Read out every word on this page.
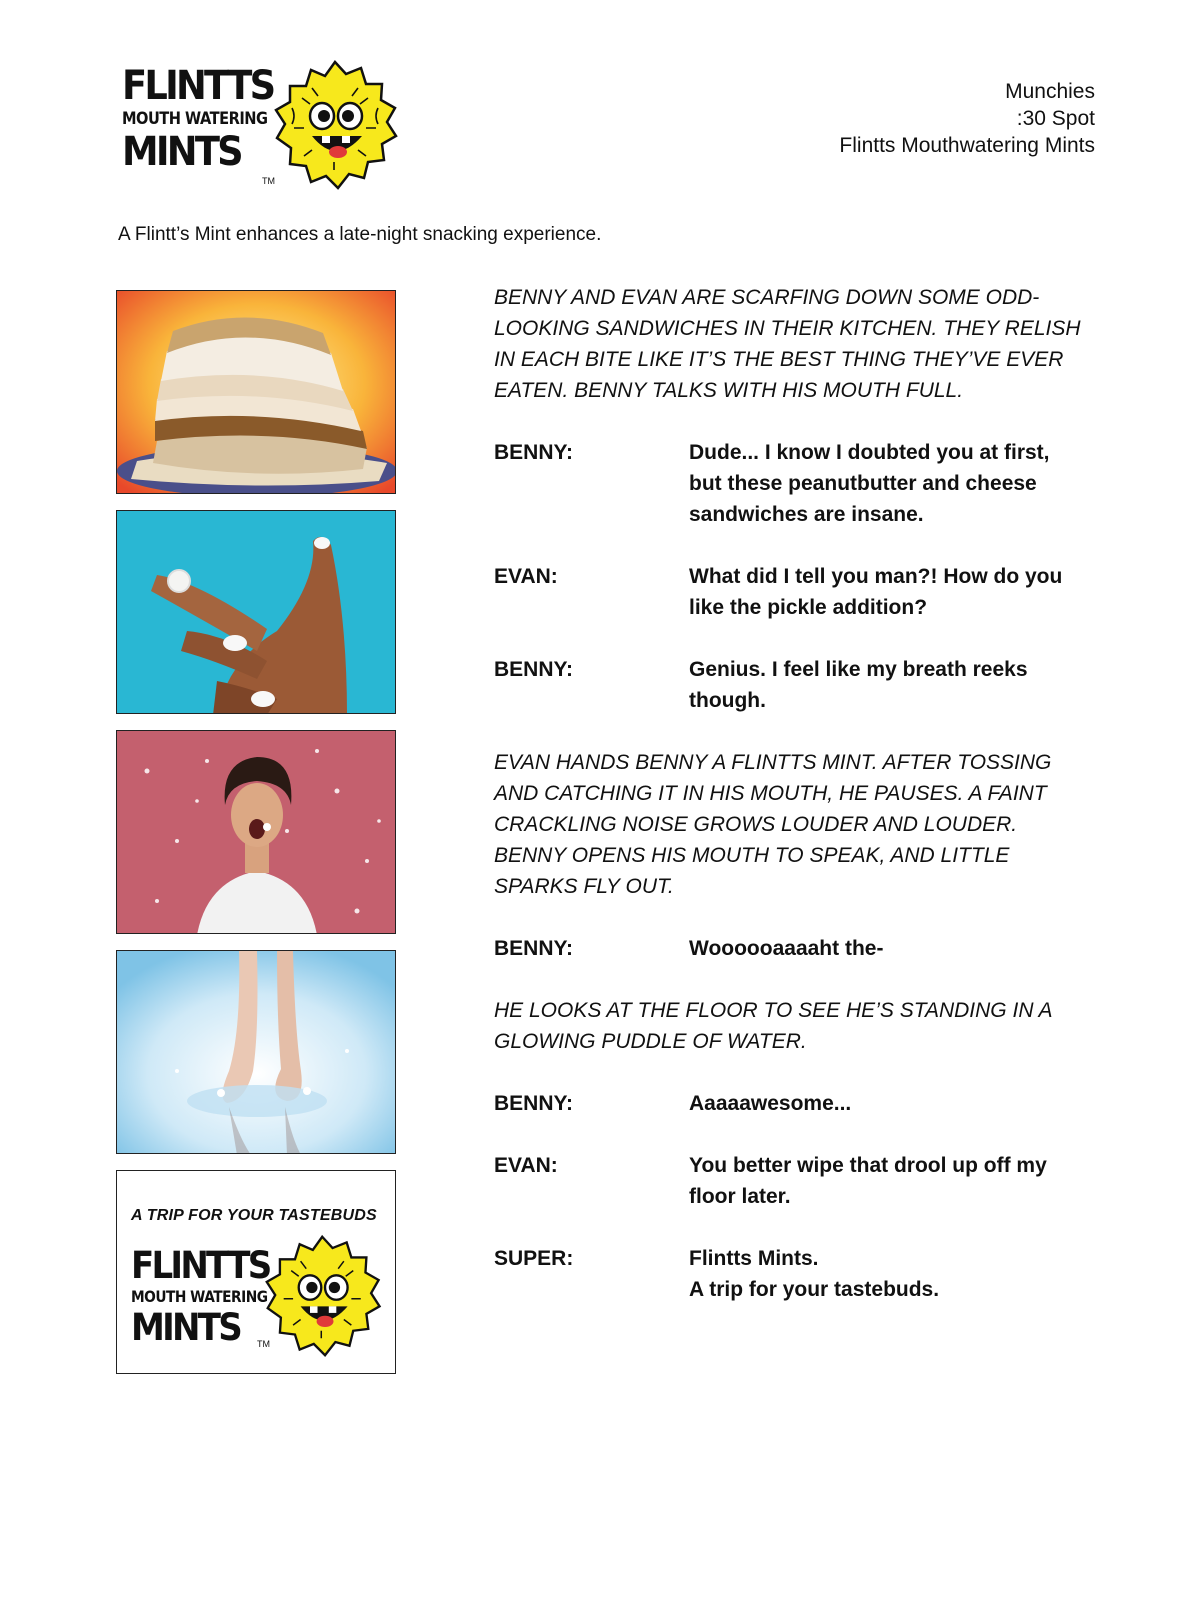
FLINTTS
MOUTH WATERING
MINTS
TM
Munchies
:30 Spot
Flintts Mouthwatering Mints
A Flintt’s Mint enhances a late-night snacking experience.
A TRIP FOR YOUR TASTEBUDS
FLINTTS
MOUTH WATERING
MINTS	TM
BENNY AND EVAN ARE SCARFING DOWN SOME ODD-LOOKING SANDWICHES IN THEIR KITCHEN. THEY RELISH IN EACH BITE LIKE IT’S THE BEST THING THEY’VE EVER EATEN. BENNY TALKS WITH HIS MOUTH FULL.
BENNY:	Dude... I know I doubted you at first, but these peanutbutter and cheese sandwiches are insane.
EVAN:	What did I tell you man?! How do you like the pickle addition?
BENNY:	Genius. I feel like my breath reeks though.
EVAN HANDS BENNY A FLINTTS MINT. AFTER TOSSING AND CATCHING IT IN HIS MOUTH, HE PAUSES. A FAINT CRACKLING NOISE GROWS LOUDER AND LOUDER. BENNY OPENS HIS MOUTH TO SPEAK, AND LITTLE SPARKS FLY OUT.
BENNY:	Woooooaaaaht the-
HE LOOKS AT THE FLOOR TO SEE HE’S STANDING IN A GLOWING PUDDLE OF WATER.
BENNY:	Aaaaawesome...
EVAN:	You better wipe that drool up off my floor later.
SUPER:	Flintts Mints.
A trip for your tastebuds.
